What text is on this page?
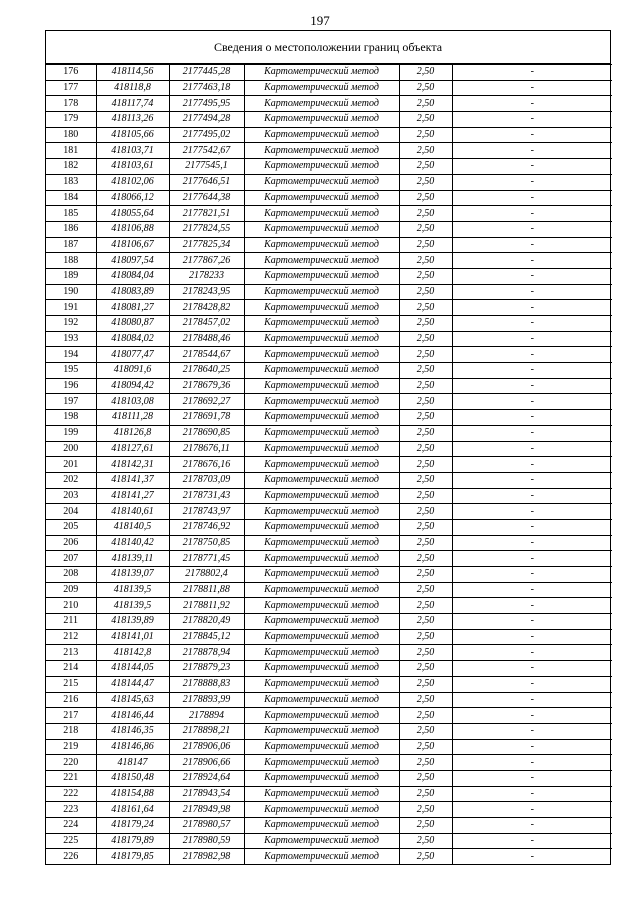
197
Сведения о местоположении границ объекта
176	418114,56	2177445,28	Картометрический метод	2,50	-
177	418118,8	2177463,18	Картометрический метод	2,50	-
178	418117,74	2177495,95	Картометрический метод	2,50	-
179	418113,26	2177494,28	Картометрический метод	2,50	-
180	418105,66	2177495,02	Картометрический метод	2,50	-
181	418103,71	2177542,67	Картометрический метод	2,50	-
182	418103,61	2177545,1	Картометрический метод	2,50	-
183	418102,06	2177646,51	Картометрический метод	2,50	-
184	418066,12	2177644,38	Картометрический метод	2,50	-
185	418055,64	2177821,51	Картометрический метод	2,50	-
186	418106,88	2177824,55	Картометрический метод	2,50	-
187	418106,67	2177825,34	Картометрический метод	2,50	-
188	418097,54	2177867,26	Картометрический метод	2,50	-
189	418084,04	2178233	Картометрический метод	2,50	-
190	418083,89	2178243,95	Картометрический метод	2,50	-
191	418081,27	2178428,82	Картометрический метод	2,50	-
192	418080,87	2178457,02	Картометрический метод	2,50	-
193	418084,02	2178488,46	Картометрический метод	2,50	-
194	418077,47	2178544,67	Картометрический метод	2,50	-
195	418091,6	2178640,25	Картометрический метод	2,50	-
196	418094,42	2178679,36	Картометрический метод	2,50	-
197	418103,08	2178692,27	Картометрический метод	2,50	-
198	418111,28	2178691,78	Картометрический метод	2,50	-
199	418126,8	2178690,85	Картометрический метод	2,50	-
200	418127,61	2178676,11	Картометрический метод	2,50	-
201	418142,31	2178676,16	Картометрический метод	2,50	-
202	418141,37	2178703,09	Картометрический метод	2,50	-
203	418141,27	2178731,43	Картометрический метод	2,50	-
204	418140,61	2178743,97	Картометрический метод	2,50	-
205	418140,5	2178746,92	Картометрический метод	2,50	-
206	418140,42	2178750,85	Картометрический метод	2,50	-
207	418139,11	2178771,45	Картометрический метод	2,50	-
208	418139,07	2178802,4	Картометрический метод	2,50	-
209	418139,5	2178811,88	Картометрический метод	2,50	-
210	418139,5	2178811,92	Картометрический метод	2,50	-
211	418139,89	2178820,49	Картометрический метод	2,50	-
212	418141,01	2178845,12	Картометрический метод	2,50	-
213	418142,8	2178878,94	Картометрический метод	2,50	-
214	418144,05	2178879,23	Картометрический метод	2,50	-
215	418144,47	2178888,83	Картометрический метод	2,50	-
216	418145,63	2178893,99	Картометрический метод	2,50	-
217	418146,44	2178894	Картометрический метод	2,50	-
218	418146,35	2178898,21	Картометрический метод	2,50	-
219	418146,86	2178906,06	Картометрический метод	2,50	-
220	418147	2178906,66	Картометрический метод	2,50	-
221	418150,48	2178924,64	Картометрический метод	2,50	-
222	418154,88	2178943,54	Картометрический метод	2,50	-
223	418161,64	2178949,98	Картометрический метод	2,50	-
224	418179,24	2178980,57	Картометрический метод	2,50	-
225	418179,89	2178980,59	Картометрический метод	2,50	-
226	418179,85	2178982,98	Картометрический метод	2,50	-
